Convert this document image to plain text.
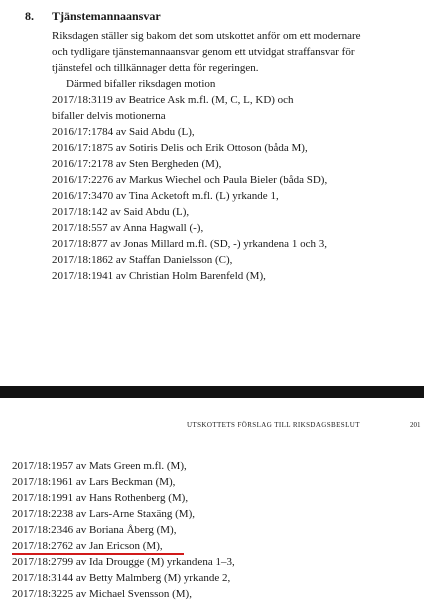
8. Tjänstemannaansvar
Riksdagen ställer sig bakom det som utskottet anför om ett modernare
och tydligare tjänstemannaansvar genom ett utvidgat straffansvar för
tjänstefel och tillkännager detta för regeringen.
Därmed bifaller riksdagen motion
2017/18:3119 av Beatrice Ask m.fl. (M, C, L, KD) och
bifaller delvis motionerna
2016/17:1784 av Said Abdu (L),
2016/17:1875 av Sotiris Delis och Erik Ottoson (båda M),
2016/17:2178 av Sten Bergheden (M),
2016/17:2276 av Markus Wiechel och Paula Bieler (båda SD),
2016/17:3470 av Tina Acketoft m.fl. (L) yrkande 1,
2017/18:142 av Said Abdu (L),
2017/18:557 av Anna Hagwall (-),
2017/18:877 av Jonas Millard m.fl. (SD, -) yrkandena 1 och 3,
2017/18:1862 av Staffan Danielsson (C),
2017/18:1941 av Christian Holm Barenfeld (M),
UTSKOTTETS FÖRSLAG TILL RIKSDAGSBESLUT	201
2017/18:1957 av Mats Green m.fl. (M),
2017/18:1961 av Lars Beckman (M),
2017/18:1991 av Hans Rothenberg (M),
2017/18:2238 av Lars-Arne Staxäng (M),
2017/18:2346 av Boriana Åberg (M),
2017/18:2762 av Jan Ericson (M),
2017/18:2799 av Ida Drougge (M) yrkandena 1–3,
2017/18:3144 av Betty Malmberg (M) yrkande 2,
2017/18:3225 av Michael Svensson (M),
